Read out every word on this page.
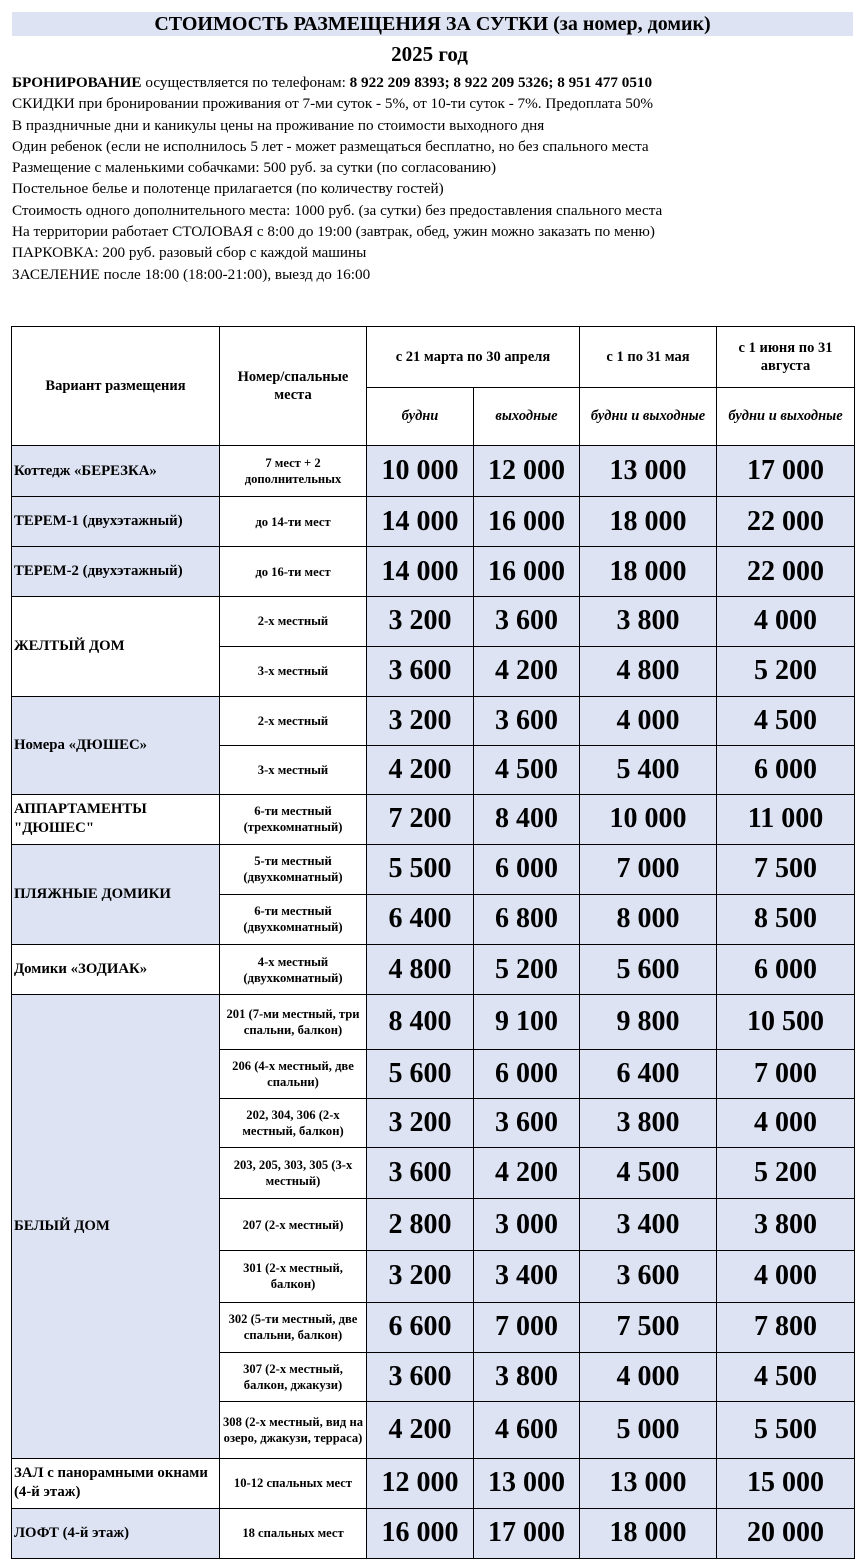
СТОИМОСТЬ РАЗМЕЩЕНИЯ ЗА СУТКИ (за номер, домик)
2025 год
БРОНИРОВАНИЕ осуществляется по телефонам: 8 922 209 8393; 8 922 209 5326; 8 951 477 0510
СКИДКИ при бронировании проживания от 7-ми суток - 5%, от 10-ти суток - 7%. Предоплата 50%
В праздничные дни и каникулы цены на проживание по стоимости выходного дня
Один ребенок (если не исполнилось 5 лет - может размещаться бесплатно, но без спального места
Размещение с маленькими собачками: 500 руб. за сутки (по согласованию)
Постельное белье и полотенце прилагается (по количеству гостей)
Стоимость одного дополнительного места: 1000 руб. (за сутки) без предоставления спального места
На территории работает СТОЛОВАЯ с 8:00 до 19:00 (завтрак, обед, ужин можно заказать по меню)
ПАРКОВКА: 200 руб. разовый сбор с каждой машины
ЗАСЕЛЕНИЕ после 18:00 (18:00-21:00), выезд до 16:00
Вариант размещения	Номер/спальные места	с 21 марта по 30 апреля		с 1 по 31 мая	с 1 июня по 31 августа
		будни	выходные	будни и выходные	будни и выходные
Коттедж «БЕРЕЗКА»	7 мест + 2 дополнительных	10 000	12 000	13 000	17 000
ТЕРЕМ-1 (двухэтажный)	до 14-ти мест	14 000	16 000	18 000	22 000
ТЕРЕМ-2 (двухэтажный)	до 16-ти мест	14 000	16 000	18 000	22 000
ЖЕЛТЫЙ ДОМ	2-х местный	3 200	3 600	3 800	4 000
	3-х местный	3 600	4 200	4 800	5 200
Номера «ДЮШЕС»	2-х местный	3 200	3 600	4 000	4 500
	3-х местный	4 200	4 500	5 400	6 000
АППАРТАМЕНТЫ "ДЮШЕС"	6-ти местный (трехкомнатный)	7 200	8 400	10 000	11 000
ПЛЯЖНЫЕ ДОМИКИ	5-ти местный (двухкомнатный)	5 500	6 000	7 000	7 500
	6-ти местный (двухкомнатный)	6 400	6 800	8 000	8 500
Домики «ЗОДИАК»	4-х местный (двухкомнатный)	4 800	5 200	5 600	6 000
БЕЛЫЙ ДОМ	201 (7-ми местный, три спальни, балкон)	8 400	9 100	9 800	10 500
	206 (4-х местный, две спальни)	5 600	6 000	6 400	7 000
	202, 304, 306 (2-х местный, балкон)	3 200	3 600	3 800	4 000
	203, 205, 303, 305 (3-х местный)	3 600	4 200	4 500	5 200
	207 (2-х местный)	2 800	3 000	3 400	3 800
	301 (2-х местный, балкон)	3 200	3 400	3 600	4 000
	302 (5-ти местный, две спальни, балкон)	6 600	7 000	7 500	7 800
	307 (2-х местный, балкон, джакузи)	3 600	3 800	4 000	4 500
	308 (2-х местный, вид на озеро, джакузи, терраса)	4 200	4 600	5 000	5 500
ЗАЛ с панорамными окнами (4-й этаж)	10-12 спальных мест	12 000	13 000	13 000	15 000
ЛОФТ (4-й этаж)	18 спальных мест	16 000	17 000	18 000	20 000
